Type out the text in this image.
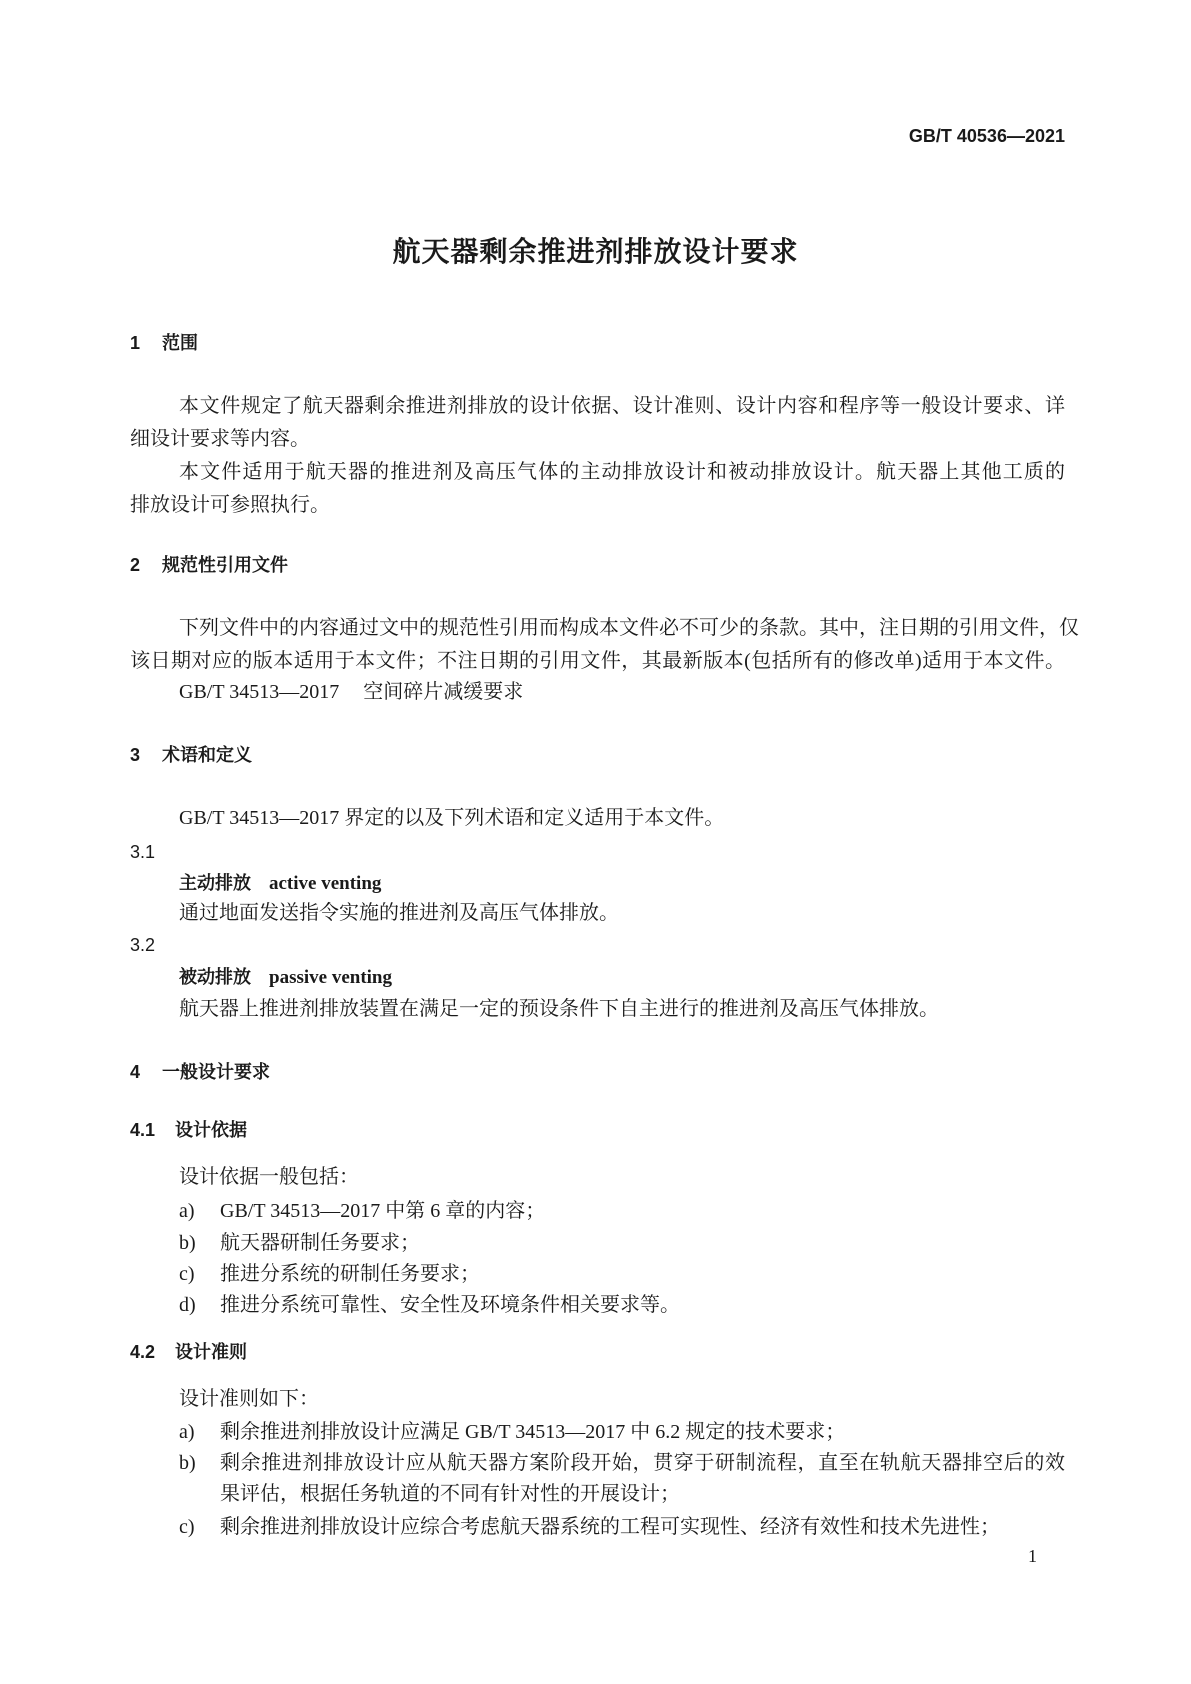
GB/T 40536—2021
航天器剩余推进剂排放设计要求
1 范围
本文件规定了航天器剩余推进剂排放的设计依据、设计准则、设计内容和程序等一般设计要求、详
细设计要求等内容。
本文件适用于航天器的推进剂及高压气体的主动排放设计和被动排放设计。航天器上其他工质的
排放设计可参照执行。
2 规范性引用文件
下列文件中的内容通过文中的规范性引用而构成本文件必不可少的条款。其中，注日期的引用文件，仅
该日期对应的版本适用于本文件；不注日期的引用文件，其最新版本(包括所有的修改单)适用于本文件。
GB/T 34513—2017 空间碎片减缓要求
3 术语和定义
GB/T 34513—2017 界定的以及下列术语和定义适用于本文件。
3.1
主动排放 active venting
通过地面发送指令实施的推进剂及高压气体排放。
3.2
被动排放 passive venting
航天器上推进剂排放装置在满足一定的预设条件下自主进行的推进剂及高压气体排放。
4 一般设计要求
4.1 设计依据
设计依据一般包括：
a) GB/T 34513—2017 中第 6 章的内容；
b) 航天器研制任务要求；
c) 推进分系统的研制任务要求；
d) 推进分系统可靠性、安全性及环境条件相关要求等。
4.2 设计准则
设计准则如下：
a) 剩余推进剂排放设计应满足 GB/T 34513—2017 中 6.2 规定的技术要求；
b) 剩余推进剂排放设计应从航天器方案阶段开始，贯穿于研制流程，直至在轨航天器排空后的效
果评估，根据任务轨道的不同有针对性的开展设计；
c) 剩余推进剂排放设计应综合考虑航天器系统的工程可实现性、经济有效性和技术先进性；
1
